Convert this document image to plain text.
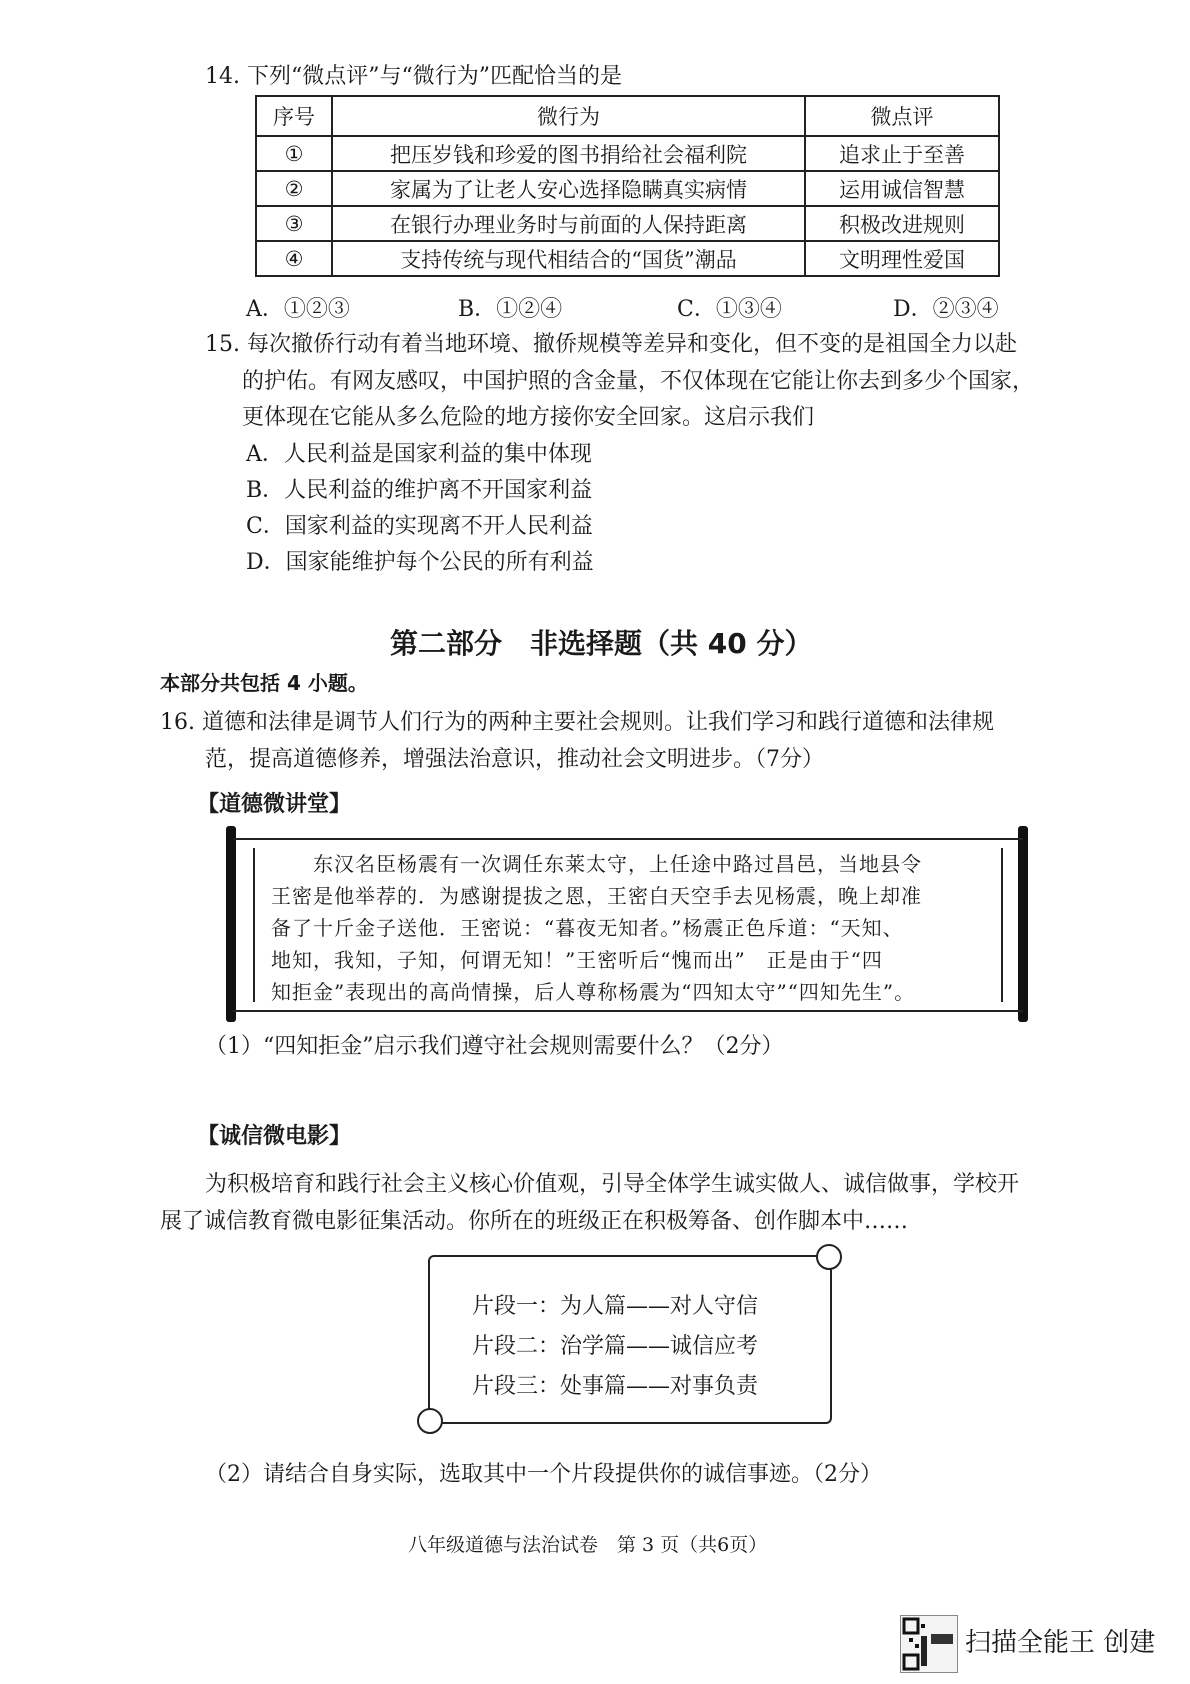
14. 下列“微点评”与“微行为”匹配恰当的是
序号	微行为	微点评
①	把压岁钱和珍爱的图书捐给社会福利院	追求止于至善
②	家属为了让老人安心选择隐瞒真实病情	运用诚信智慧
③	在银行办理业务时与前面的人保持距离	积极改进规则
④	支持传统与现代相结合的“国货”潮品	文明理性爱国
A．①②③	B．①②④	C．①③④	D．②③④
15. 每次撤侨行动有着当地环境、撤侨规模等差异和变化，但不变的是祖国全力以赴
的护佑。有网友感叹，中国护照的含金量，不仅体现在它能让你去到多少个国家，
更体现在它能从多么危险的地方接你安全回家。这启示我们
A．人民利益是国家利益的集中体现
B．人民利益的维护离不开国家利益
C．国家利益的实现离不开人民利益
D．国家能维护每个公民的所有利益
第二部分　非选择题（共 40 分）
本部分共包括 4 小题。
16. 道德和法律是调节人们行为的两种主要社会规则。让我们学习和践行道德和法律规
范，提高道德修养，增强法治意识，推动社会文明进步。（7分）
【道德微讲堂】
　　东汉名臣杨震有一次调任东莱太守，上任途中路过昌邑，当地县令
王密是他举荐的．为感谢提拔之恩，王密白天空手去见杨震，晚上却准
备了十斤金子送他．王密说：“暮夜无知者。”杨震正色斥道：“天知、
地知，我知，子知，何谓无知！”王密听后“愧而出”　正是由于“四
知拒金”表现出的高尚情操，后人尊称杨震为“四知太守”“四知先生”。
（1）“四知拒金”启示我们遵守社会规则需要什么？（2分）
【诚信微电影】
为积极培育和践行社会主义核心价值观，引导全体学生诚实做人、诚信做事，学校开
展了诚信教育微电影征集活动。你所在的班级正在积极筹备、创作脚本中……
片段一：为人篇——对人守信
片段二：治学篇——诚信应考
片段三：处事篇——对事负责
（2）请结合自身实际，选取其中一个片段提供你的诚信事迹。（2分）
八年级道德与法治试卷　第 3 页（共6页）
扫描全能王 创建
